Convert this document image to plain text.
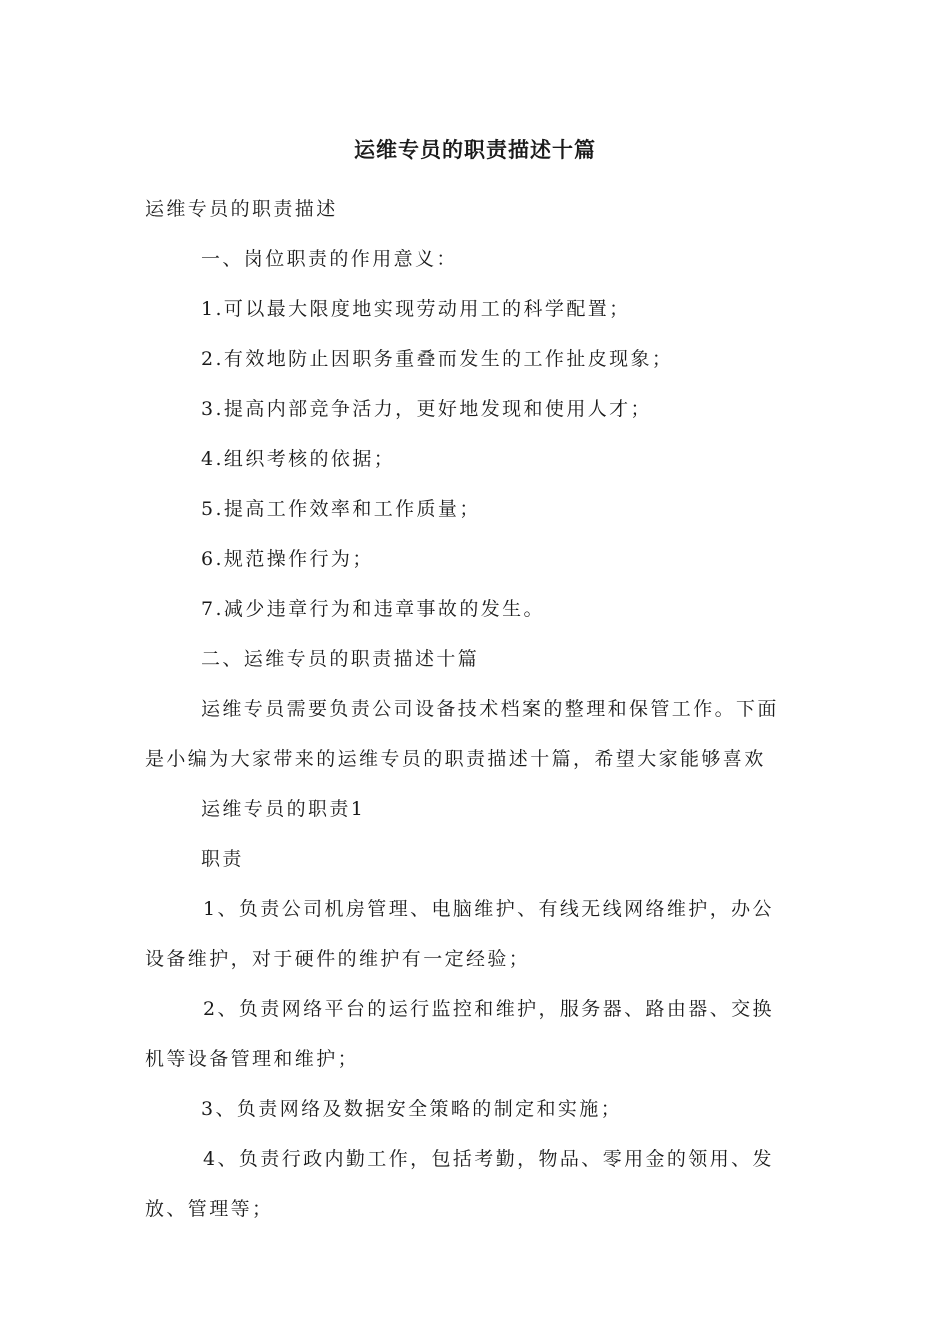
运维专员的职责描述十篇

运维专员的职责描述

一、岗位职责的作用意义：

1.可以最大限度地实现劳动用工的科学配置；

2.有效地防止因职务重叠而发生的工作扯皮现象；

3.提高内部竞争活力，更好地发现和使用人才；

4.组织考核的依据；

5.提高工作效率和工作质量；

6.规范操作行为；

7.减少违章行为和违章事故的发生。

二、运维专员的职责描述十篇

运维专员需要负责公司设备技术档案的整理和保管工作。下面

是小编为大家带来的运维专员的职责描述十篇，希望大家能够喜欢

运维专员的职责1

职责

1、负责公司机房管理、电脑维护、有线无线网络维护，办公

设备维护，对于硬件的维护有一定经验；

2、负责网络平台的运行监控和维护，服务器、路由器、交换

机等设备管理和维护；

3、负责网络及数据安全策略的制定和实施；

4、负责行政内勤工作，包括考勤，物品、零用金的领用、发

放、管理等；
